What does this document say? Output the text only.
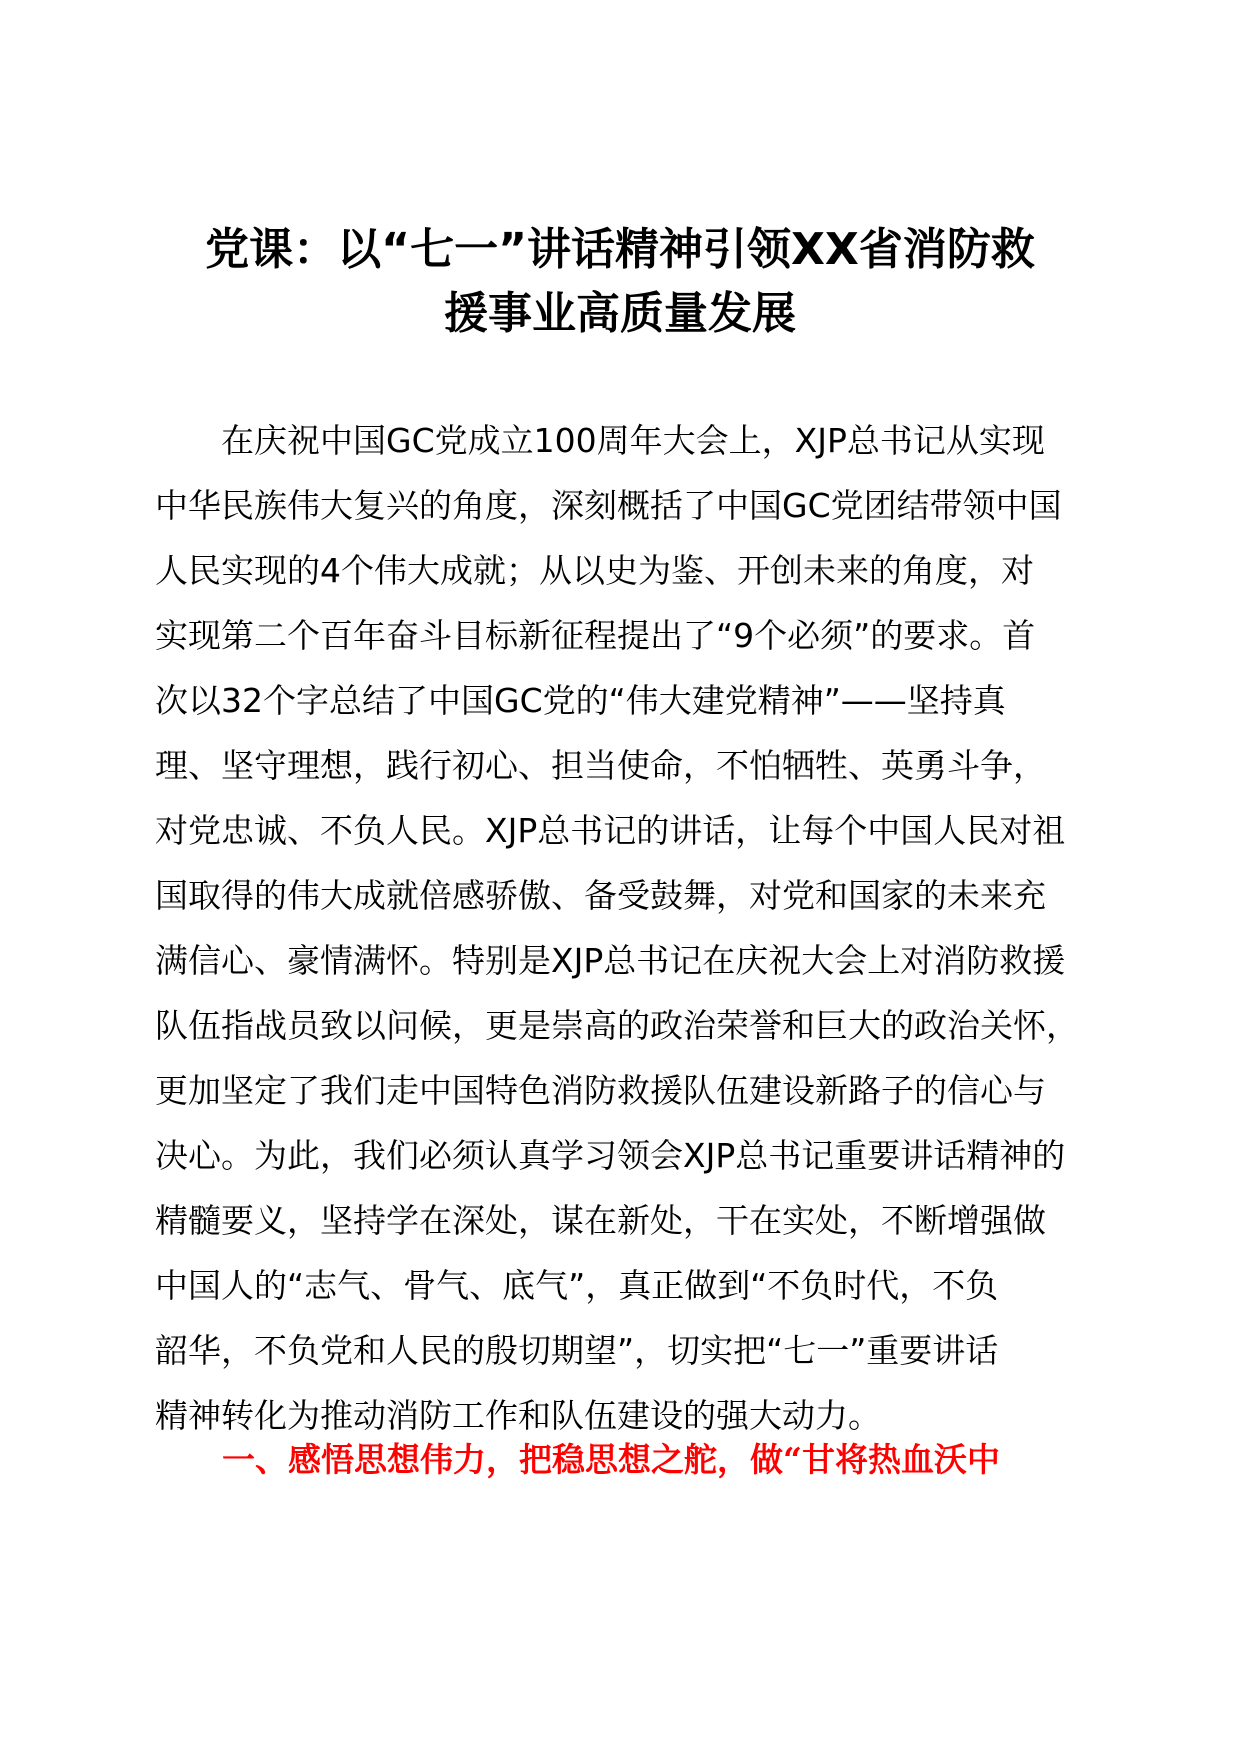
党课：以“七一”讲话精神引领XX省消防救
援事业高质量发展
　　在庆祝中国GC党成立100周年大会上，XJP总书记从实现
中华民族伟大复兴的角度，深刻概括了中国GC党团结带领中国
人民实现的4个伟大成就；从以史为鉴、开创未来的角度，对
实现第二个百年奋斗目标新征程提出了“9个必须”的要求。首
次以32个字总结了中国GC党的“伟大建党精神”——坚持真
理、坚守理想，践行初心、担当使命，不怕牺牲、英勇斗争，
对党忠诚、不负人民。XJP总书记的讲话，让每个中国人民对祖
国取得的伟大成就倍感骄傲、备受鼓舞，对党和国家的未来充
满信心、豪情满怀。特别是XJP总书记在庆祝大会上对消防救援
队伍指战员致以问候，更是崇高的政治荣誉和巨大的政治关怀，
更加坚定了我们走中国特色消防救援队伍建设新路子的信心与
决心。为此，我们必须认真学习领会XJP总书记重要讲话精神的
精髓要义，坚持学在深处，谋在新处，干在实处，不断增强做
中国人的“志气、骨气、底气”，真正做到“不负时代，不负
韶华，不负党和人民的殷切期望”，切实把“七一”重要讲话
精神转化为推动消防工作和队伍建设的强大动力。
一、感悟思想伟力，把稳思想之舵，做“甘将热血沃中
